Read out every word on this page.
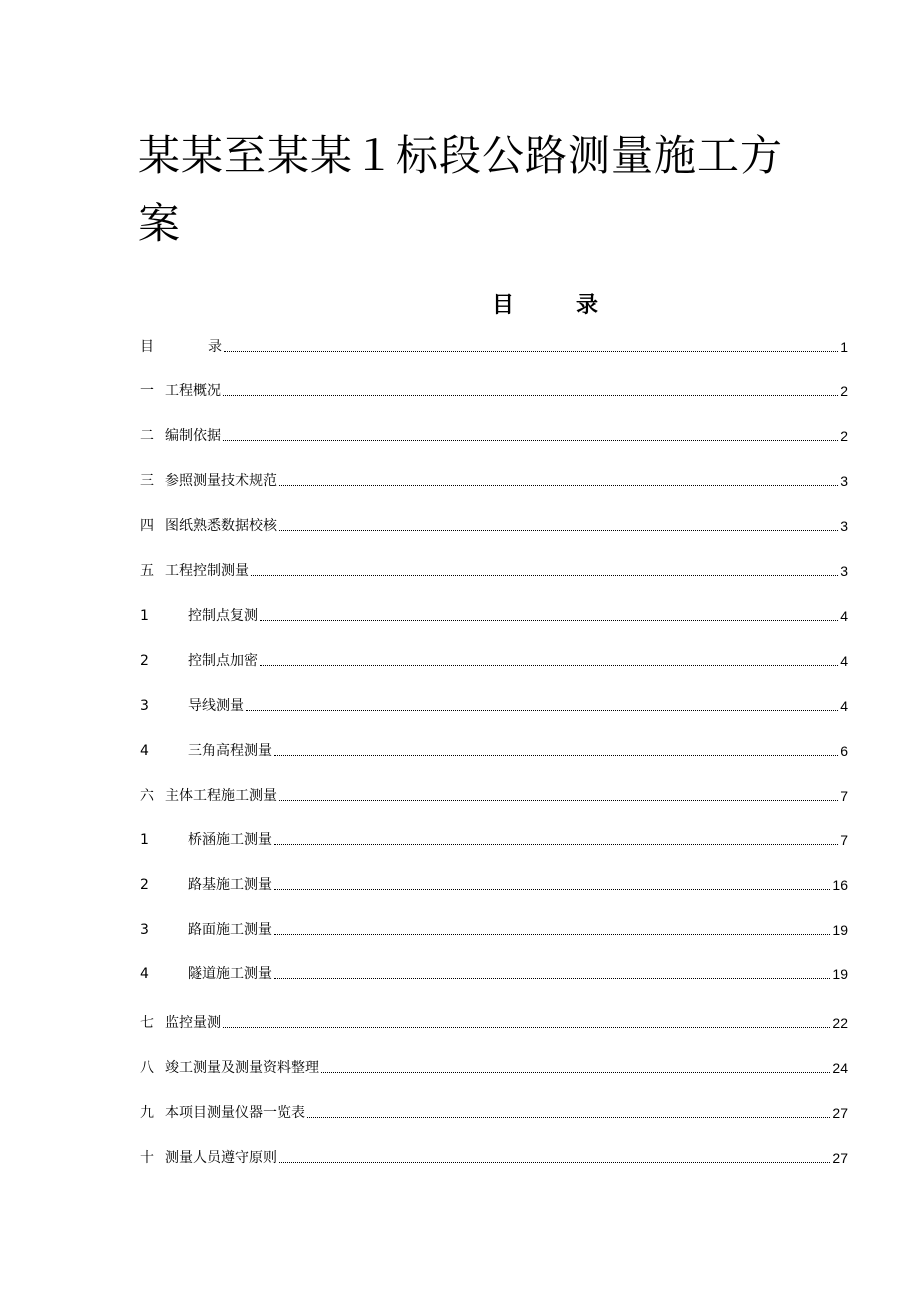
某某至某某１标段公路测量施工方案
目	录
目	录	1
一 工程概况	2
二 编制依据	2
三 参照测量技术规范	3
四 图纸熟悉数据校核	3
五 工程控制测量	3
1	控制点复测	4
2	控制点加密	4
3	导线测量	4
4	三角高程测量	6
六 主体工程施工测量	7
1	桥涵施工测量	7
2	路基施工测量	16
3	路面施工测量	19
4	隧道施工测量	19
七 监控量测	22
八 竣工测量及测量资料整理	24
九 本项目测量仪器一览表	27
十 测量人员遵守原则	27
